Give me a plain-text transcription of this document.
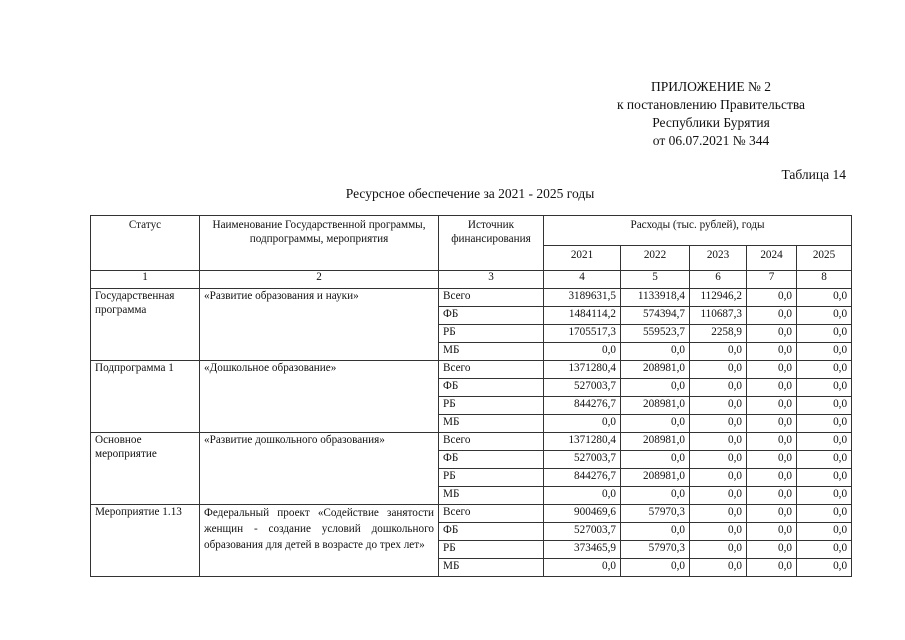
ПРИЛОЖЕНИЕ № 2
к постановлению Правительства
Республики Бурятия
от 06.07.2021 № 344
Таблица 14
Ресурсное обеспечение за 2021 - 2025 годы
Статус	Наименование Государственной программы, подпрограммы, мероприятия	Источник финансирования	Расходы (тыс. рублей), годы				
			2021	2022	2023	2024	2025
1	2	3	4	5	6	7	8
Государственная программа	«Развитие образования и науки»	Всего	3189631,5	1133918,4	112946,2	0,0	0,0
		ФБ	1484114,2	574394,7	110687,3	0,0	0,0
		РБ	1705517,3	559523,7	2258,9	0,0	0,0
		МБ	0,0	0,0	0,0	0,0	0,0
Подпрограмма 1	«Дошкольное образование»	Всего	1371280,4	208981,0	0,0	0,0	0,0
		ФБ	527003,7	0,0	0,0	0,0	0,0
		РБ	844276,7	208981,0	0,0	0,0	0,0
		МБ	0,0	0,0	0,0	0,0	0,0
Основное мероприятие	«Развитие дошкольного образования»	Всего	1371280,4	208981,0	0,0	0,0	0,0
		ФБ	527003,7	0,0	0,0	0,0	0,0
		РБ	844276,7	208981,0	0,0	0,0	0,0
		МБ	0,0	0,0	0,0	0,0	0,0
Мероприятие 1.13	Федеральный проект «Содействие занятости женщин - создание условий дошкольного образования для детей в возрасте до трех лет»	Всего	900469,6	57970,3	0,0	0,0	0,0
		ФБ	527003,7	0,0	0,0	0,0	0,0
		РБ	373465,9	57970,3	0,0	0,0	0,0
		МБ	0,0	0,0	0,0	0,0	0,0
